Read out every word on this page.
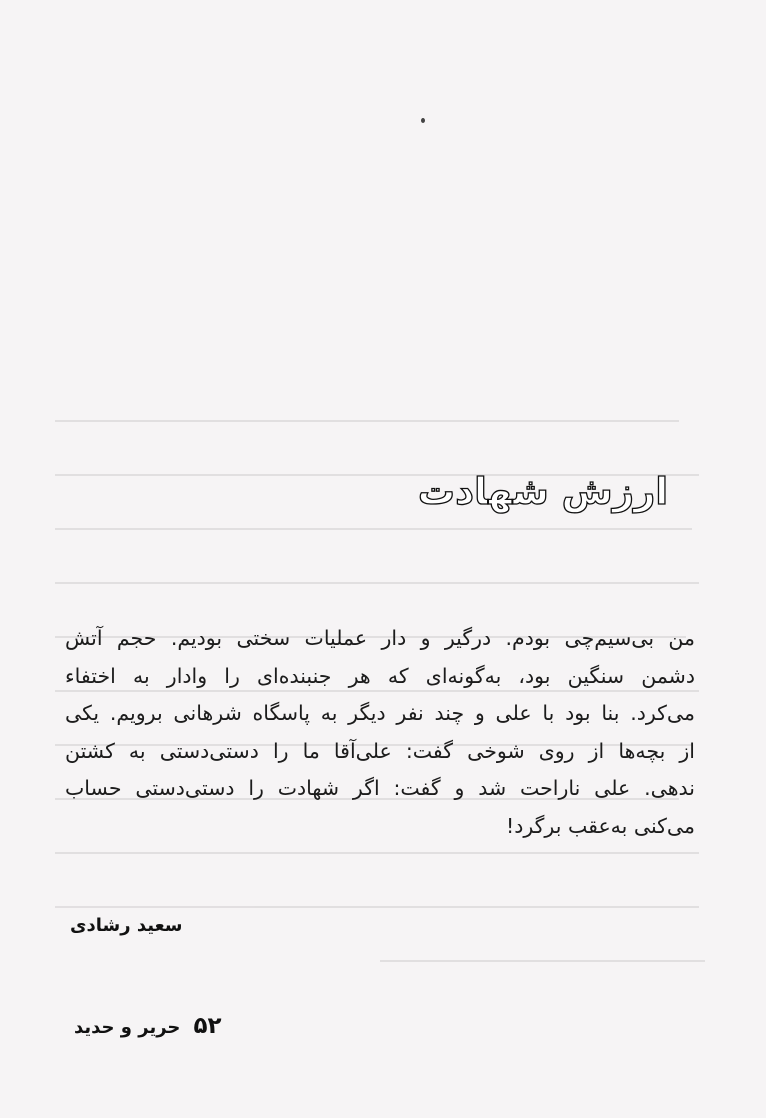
ارزش شهادت
من بی‌سیم‌چی بودم. درگیر و دار عملیات سختی بودیم. حجم آتش
دشمن سنگین بود، به‌گونه‌ای که هر جنبنده‌ای را وادار به اختفاء
می‌کرد. بنا بود با علی و چند نفر دیگر به پاسگاه شرهانی برویم. یکی
از بچه‌ها از روی شوخی گفت: علی‌آقا ما را دستی‌دستی به کشتن
ندهی. علی ناراحت شد و گفت: اگر شهادت را دستی‌دستی حساب
می‌کنی به‌عقب برگرد!
سعید رشادی
۵۲ حریر و حدید
